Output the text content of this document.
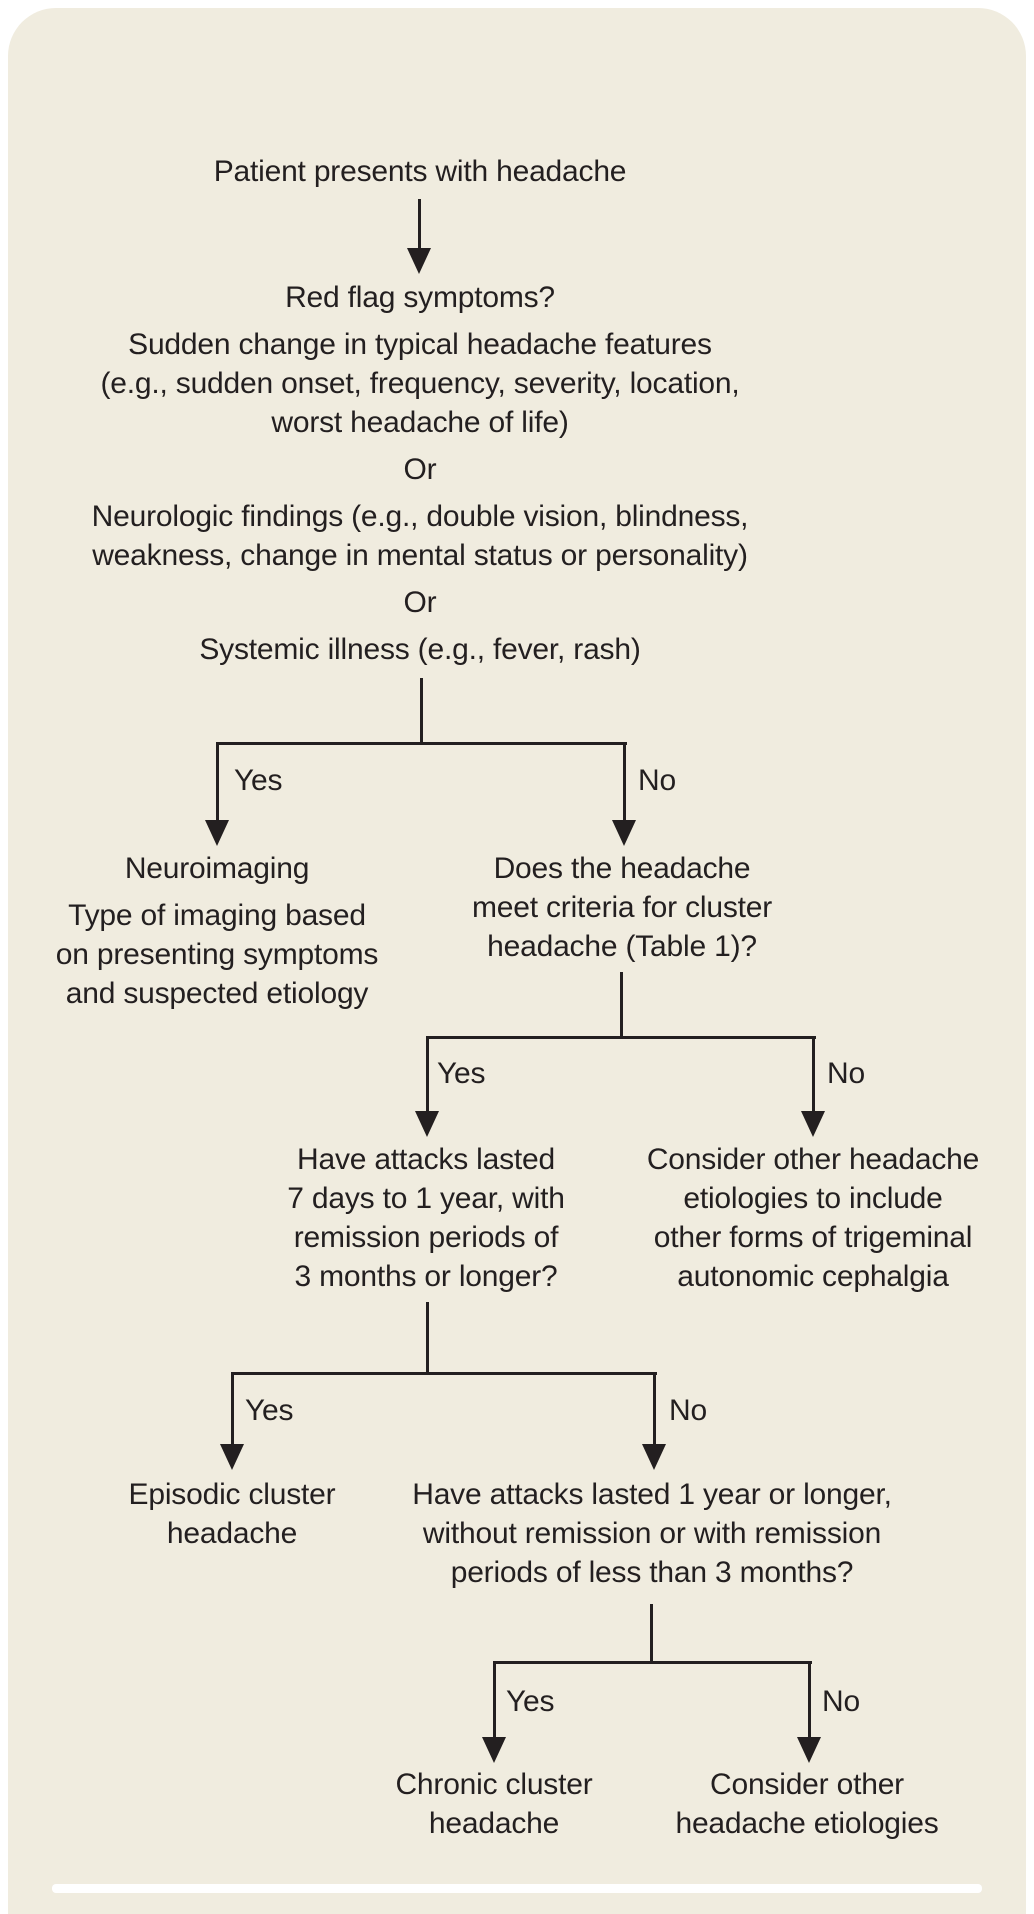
Patient presents with headache

Red flag symptoms?

Sudden change in typical headache features
(e.g., sudden onset, frequency, severity, location,
worst headache of life)

Or

Neurologic findings (e.g., double vision, blindness,
weakness, change in mental status or personality)

Or

Systemic illness (e.g., fever, rash)

Yes	No

Neuroimaging

Type of imaging based
on presenting symptoms
and suspected etiology

Does the headache
meet criteria for cluster
headache (Table 1)?
Yes	No
Have attacks lasted
7 days to 1 year, with
remission periods of
3 months or longer?
Consider other headache
etiologies to include
other forms of trigeminal
autonomic cephalgia
Yes	No
Episodic cluster
headache
Have attacks lasted 1 year or longer,
without remission or with remission
periods of less than 3 months?
Yes	No
Chronic cluster
headache
Consider other
headache etiologies
